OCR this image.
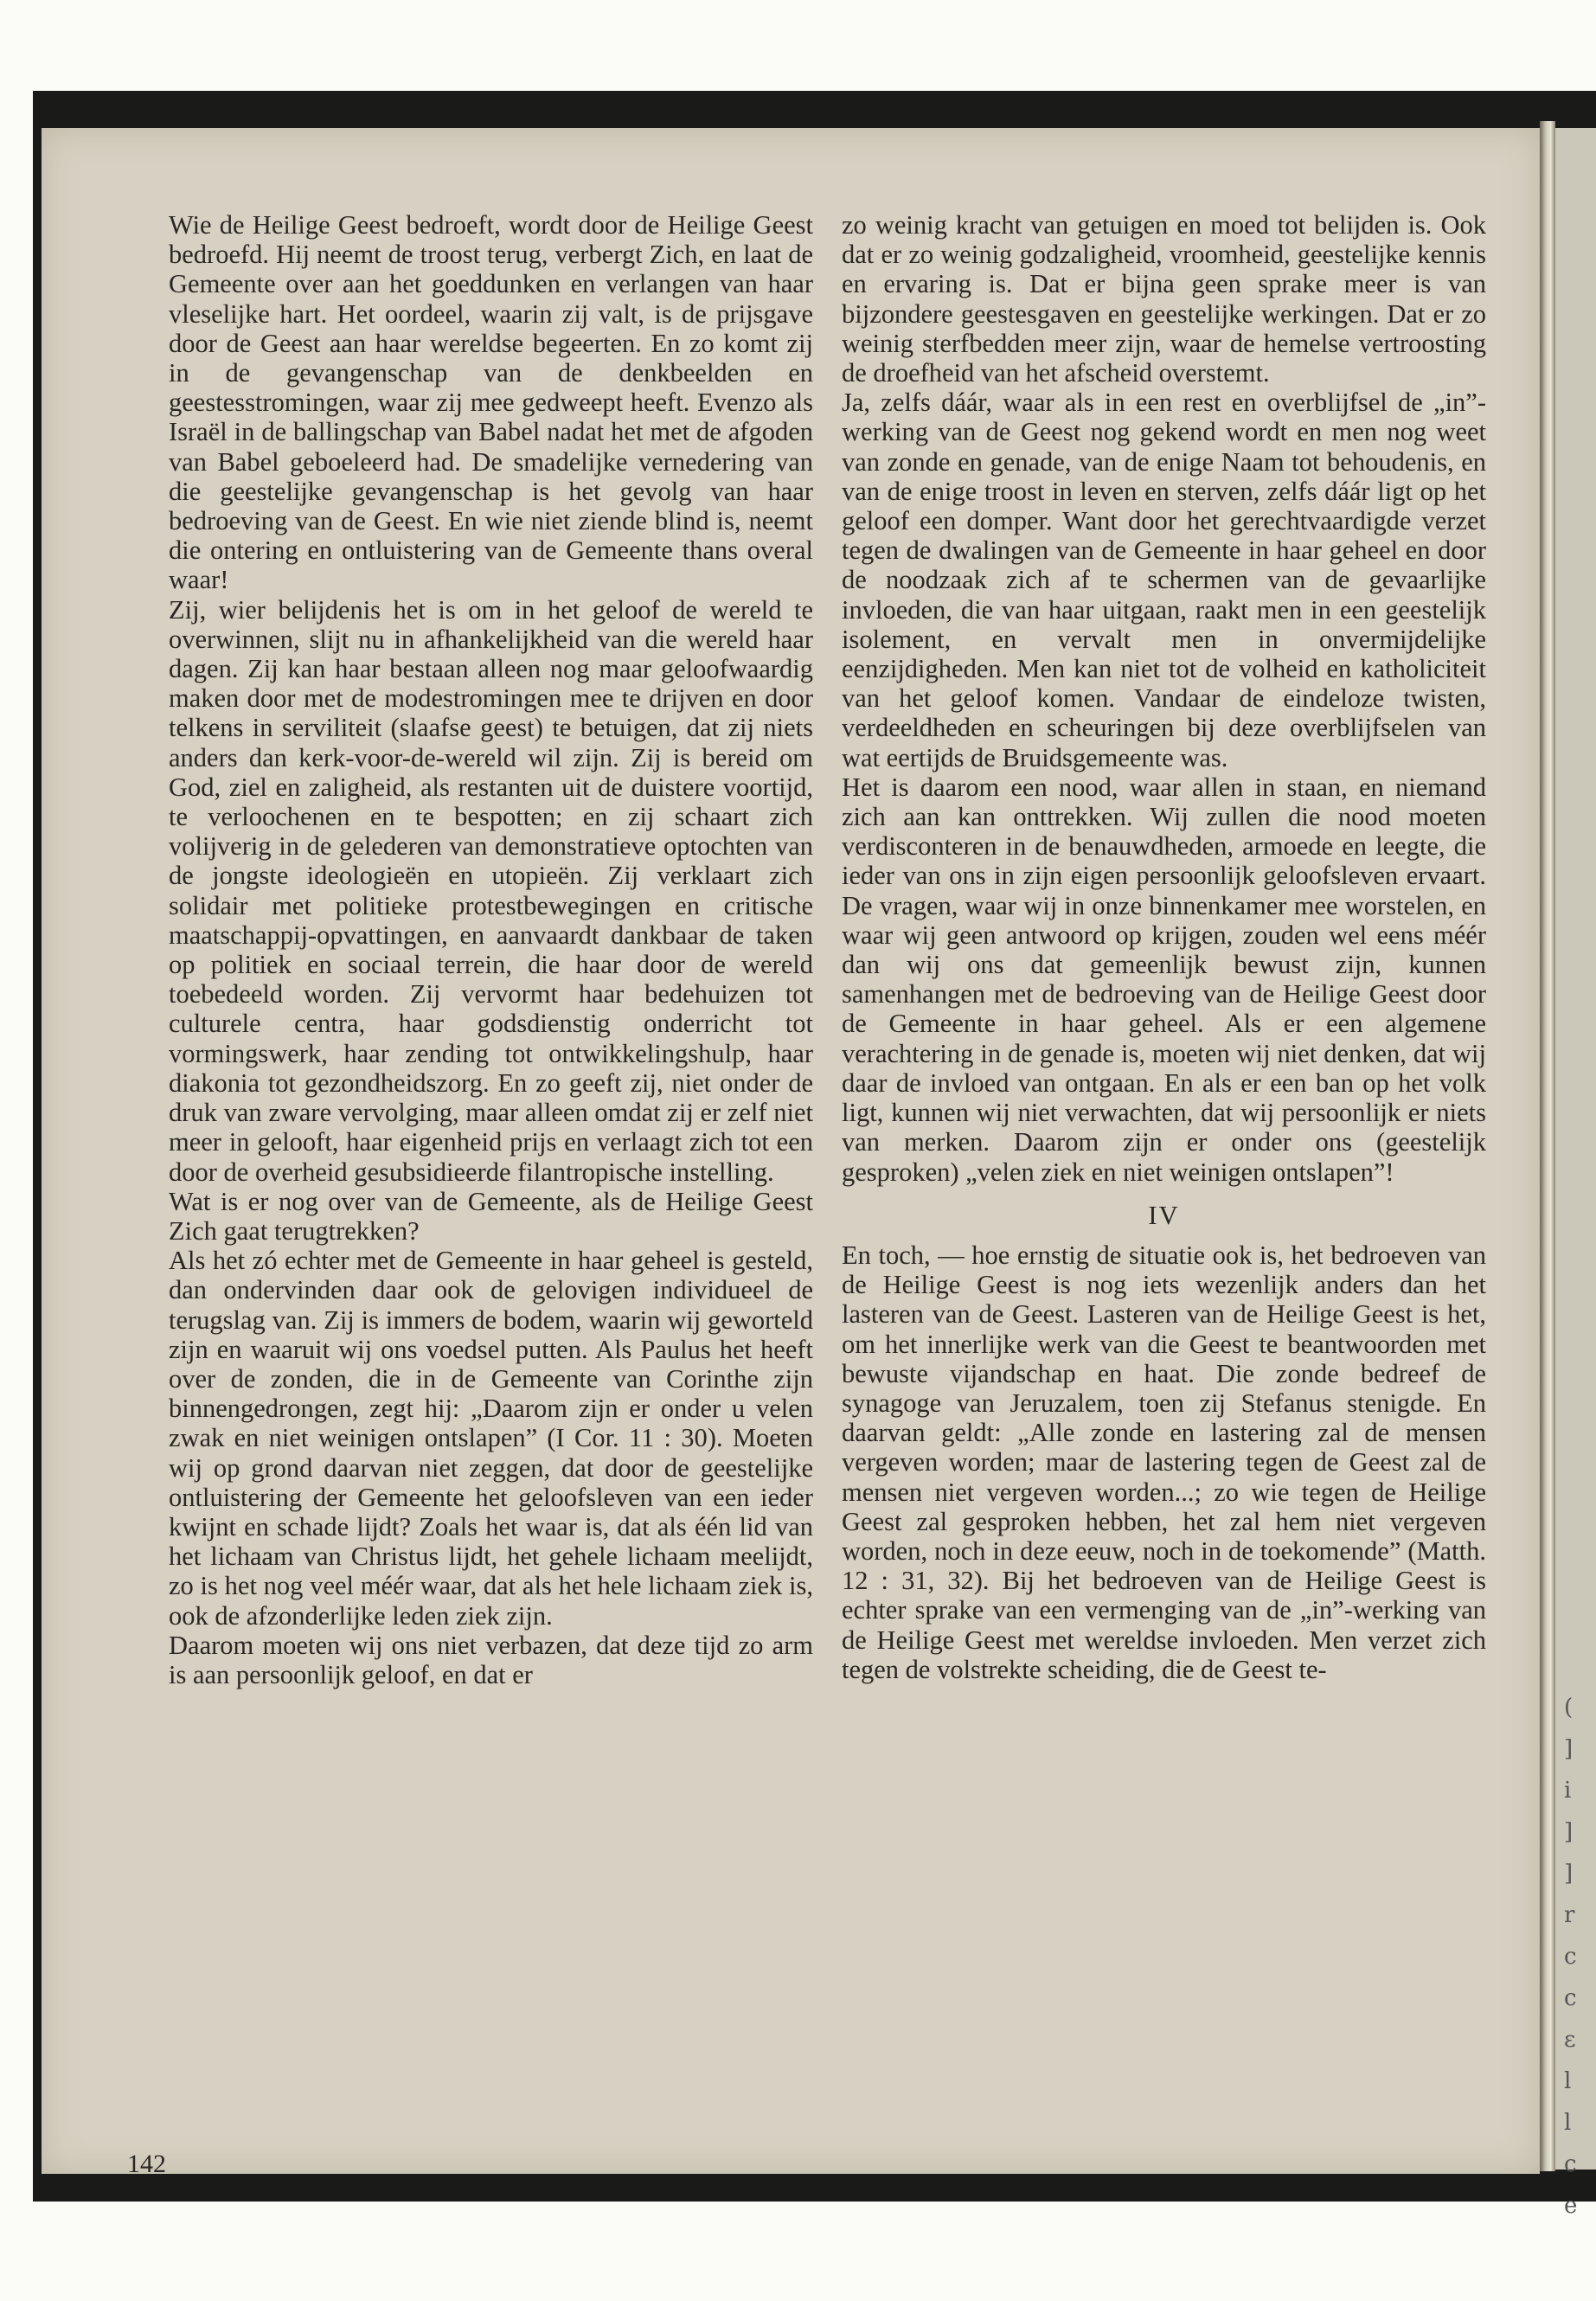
(
]
i
]
]
r
c
c
ε
l
l
c
e

Wie de Heilige Geest bedroeft, wordt door de Heilige Geest bedroefd. Hij neemt de troost terug, verbergt Zich, en laat de Gemeente over aan het goeddunken en verlangen van haar vleselijke hart. Het oordeel, waarin zij valt, is de prijsgave door de Geest aan haar wereldse begeerten. En zo komt zij in de gevangenschap van de denkbeelden en geestesstromingen, waar zij mee gedweept heeft. Evenzo als Israël in de ballingschap van Babel nadat het met de afgoden van Babel geboeleerd had. De smadelijke vernedering van die geestelijke gevangenschap is het gevolg van haar bedroeving van de Geest. En wie niet ziende blind is, neemt die ontering en ontluistering van de Gemeente thans overal waar!

Zij, wier belijdenis het is om in het geloof de wereld te overwinnen, slijt nu in afhankelijkheid van die wereld haar dagen. Zij kan haar bestaan alleen nog maar geloofwaardig maken door met de modestromingen mee te drijven en door telkens in serviliteit (slaafse geest) te betuigen, dat zij niets anders dan kerk-voor-de-wereld wil zijn. Zij is bereid om God, ziel en zaligheid, als restanten uit de duistere voortijd, te verloochenen en te bespotten; en zij schaart zich volijverig in de gelederen van demonstratieve optochten van de jongste ideologieën en utopieën. Zij verklaart zich solidair met politieke protestbewegingen en critische maatschappij-opvattingen, en aanvaardt dankbaar de taken op politiek en sociaal terrein, die haar door de wereld toebedeeld worden. Zij vervormt haar bedehuizen tot culturele centra, haar godsdienstig onderricht tot vormingswerk, haar zending tot ontwikkelingshulp, haar diakonia tot gezondheidszorg. En zo geeft zij, niet onder de druk van zware vervolging, maar alleen omdat zij er zelf niet meer in gelooft, haar eigenheid prijs en verlaagt zich tot een door de overheid gesubsidieerde filantropische instelling.

Wat is er nog over van de Gemeente, als de Heilige Geest Zich gaat terugtrekken?

Als het zó echter met de Gemeente in haar geheel is gesteld, dan ondervinden daar ook de gelovigen individueel de terugslag van. Zij is immers de bodem, waarin wij geworteld zijn en waaruit wij ons voedsel putten. Als Paulus het heeft over de zonden, die in de Gemeente van Corinthe zijn binnengedrongen, zegt hij: „Daarom zijn er onder u velen zwak en niet weinigen ontslapen” (I Cor. 11 : 30). Moeten wij op grond daarvan niet zeggen, dat door de geestelijke ontluistering der Gemeente het geloofsleven van een ieder kwijnt en schade lijdt? Zoals het waar is, dat als één lid van het lichaam van Christus lijdt, het gehele lichaam meelijdt, zo is het nog veel méér waar, dat als het hele lichaam ziek is, ook de afzonderlijke leden ziek zijn.

Daarom moeten wij ons niet verbazen, dat deze tijd zo arm is aan persoonlijk geloof, en dat er

zo weinig kracht van getuigen en moed tot belijden is. Ook dat er zo weinig godzaligheid, vroomheid, geestelijke kennis en ervaring is. Dat er bijna geen sprake meer is van bijzondere geestesgaven en geestelijke werkingen. Dat er zo weinig sterfbedden meer zijn, waar de hemelse vertroosting de droefheid van het afscheid overstemt.

Ja, zelfs dáár, waar als in een rest en overblijfsel de „in”-werking van de Geest nog gekend wordt en men nog weet van zonde en genade, van de enige Naam tot behoudenis, en van de enige troost in leven en sterven, zelfs dáár ligt op het geloof een domper. Want door het gerechtvaardigde verzet tegen de dwalingen van de Gemeente in haar geheel en door de noodzaak zich af te schermen van de gevaarlijke invloeden, die van haar uitgaan, raakt men in een geestelijk isolement, en vervalt men in onvermijdelijke eenzijdigheden. Men kan niet tot de volheid en katholiciteit van het geloof komen. Vandaar de eindeloze twisten, verdeeldheden en scheuringen bij deze overblijfselen van wat eertijds de Bruidsgemeente was.

Het is daarom een nood, waar allen in staan, en niemand zich aan kan onttrekken. Wij zullen die nood moeten verdisconteren in de benauwdheden, armoede en leegte, die ieder van ons in zijn eigen persoonlijk geloofsleven ervaart. De vragen, waar wij in onze binnenkamer mee worstelen, en waar wij geen antwoord op krijgen, zouden wel eens méér dan wij ons dat gemeenlijk bewust zijn, kunnen samenhangen met de bedroeving van de Heilige Geest door de Gemeente in haar geheel. Als er een algemene verachtering in de genade is, moeten wij niet denken, dat wij daar de invloed van ontgaan. En als er een ban op het volk ligt, kunnen wij niet verwachten, dat wij persoonlijk er niets van merken. Daarom zijn er onder ons (geestelijk gesproken) „velen ziek en niet weinigen ontslapen”!

IV

En toch, — hoe ernstig de situatie ook is, het bedroeven van de Heilige Geest is nog iets wezenlijk anders dan het lasteren van de Geest. Lasteren van de Heilige Geest is het, om het innerlijke werk van die Geest te beantwoorden met bewuste vijandschap en haat. Die zonde bedreef de synagoge van Jeruzalem, toen zij Stefanus stenigde. En daarvan geldt: „Alle zonde en lastering zal de mensen vergeven worden; maar de lastering tegen de Geest zal de mensen niet vergeven worden...; zo wie tegen de Heilige Geest zal gesproken hebben, het zal hem niet vergeven worden, noch in deze eeuw, noch in de toekomende” (Matth. 12 : 31, 32). Bij het bedroeven van de Heilige Geest is echter sprake van een vermenging van de „in”-werking van de Heilige Geest met wereldse invloeden. Men verzet zich tegen de volstrekte scheiding, die de Geest te-

142
